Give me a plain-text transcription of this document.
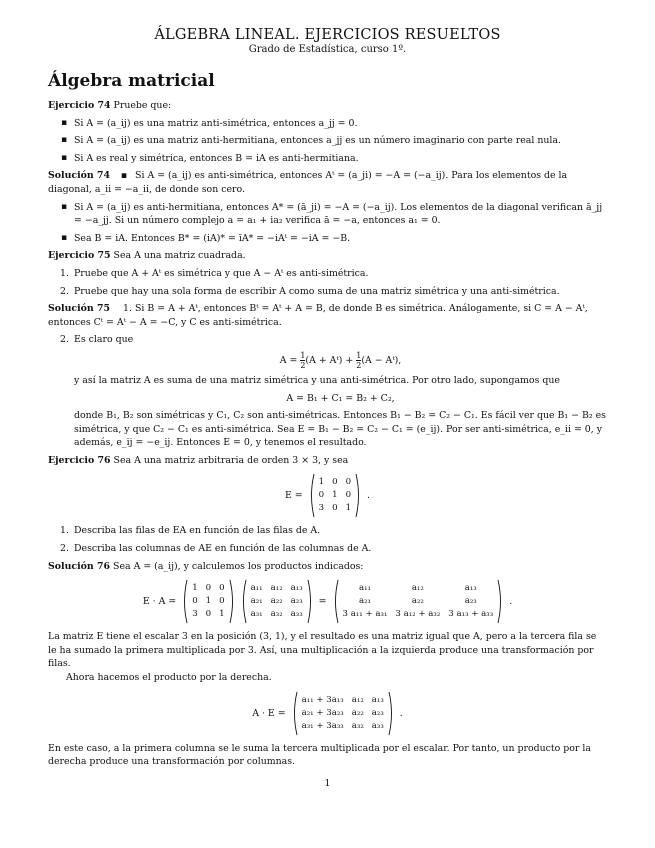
ÁLGEBRA LINEAL. EJERCICIOS RESUELTOS
Grado de Estadística, curso 1º.
Álgebra matricial

Ejercicio 74 Pruebe que:

▪ Si A = (a_ij) es una matriz anti-simétrica, entonces a_jj = 0.
▪ Si A = (a_ij) es una matriz anti-hermitiana, entonces a_jj es un número imaginario con parte real nula.
▪ Si A es real y simétrica, entonces B = iA es anti-hermitiana.

Solución 74 ▪ Si A = (a_ij) es anti-simétrica, entonces Aᵗ = (a_ji) = −A = (−a_ij). Para los elementos de la diagonal, a_ii = −a_ii, de donde son cero.

▪ Si A = (a_ij) es anti-hermitiana, entonces A* = (ā_ji) = −A = (−a_ij). Los elementos de la diagonal verifican ā_jj = −a_jj. Si un número complejo a = a₁ + ia₂ verifica ā = −a, entonces a₁ = 0.
▪ Sea B = iA. Entonces B* = (iA)* = īA* = −iAᵗ = −iA = −B.

Ejercicio 75 Sea A una matriz cuadrada.

1. Pruebe que A + Aᵗ es simétrica y que A − Aᵗ es anti-simétrica.
2. Pruebe que hay una sola forma de escribir A como suma de una matriz simétrica y una anti-simétrica.

Solución 75 1. Si B = A + Aᵗ, entonces Bᵗ = Aᵗ + A = B, de donde B es simétrica. Análogamente, si C = A − Aᵗ, entonces Cᵗ = Aᵗ − A = −C, y C es anti-simétrica.

2. Es claro que
$A = \frac{1}{2} (A$ + Aᵗ) + $\frac{1}{2} (A$ − Aᵗ),
y así la matriz A es suma de una matriz simétrica y una anti-simétrica. Por otro lado, supongamos que
A = B₁ + C₁ = B₂ + C₂,
donde B₁, B₂ son simétricas y C₁, C₂ son anti-simétricas. Entonces B₁ − B₂ = C₂ − C₁. Es fácil ver que B₁ − B₂ es simétrica, y que C₂ − C₁ es anti-simétrica. Sea E = B₁ − B₂ = C₂ − C₁ = (e_ij). Por ser anti-simétrica, e_ii = 0, y además, e_ij = −e_ij. Entonces E = 0, y tenemos el resultado.

Ejercicio 76 Sea A una matriz arbitraria de orden 3 × 3, y sea

E =
1	0	0
0	1	0
3	0	1
.
1. Describa las filas de EA en función de las filas de A.
2. Describa las columnas de AE en función de las columnas de A.

Solución 76 Sea A = (a_ij), y calculemos los productos indicados:

E · A =
1	0	0
0	1	0
3	0	1
a₁₁	a₁₂	a₁₃
a₂₁	a₂₂	a₂₃
a₃₁	a₃₂	a₃₃
=
a₁₁	a₁₂	a₁₃
a₂₁	a₂₂	a₂₃
3 a₁₁ + a₃₁	3 a₁₂ + a₃₂	3 a₁₃ + a₃₃
.

La matriz E tiene el escalar 3 en la posición (3, 1), y el resultado es una matriz igual que A, pero a la tercera fila se le ha sumado la primera multiplicada por 3. Así, una multiplicación a la izquierda produce una transformación por filas.

Ahora hacemos el producto por la derecha.

A · E =
a₁₁ + 3a₁₃	a₁₂	a₁₃
a₂₁ + 3a₂₃	a₂₂	a₂₃
a₃₁ + 3a₃₃	a₃₂	a₃₃
.

En este caso, a la primera columna se le suma la tercera multiplicada por el escalar. Por tanto, un producto por la derecha produce una transformación por columnas.

1
